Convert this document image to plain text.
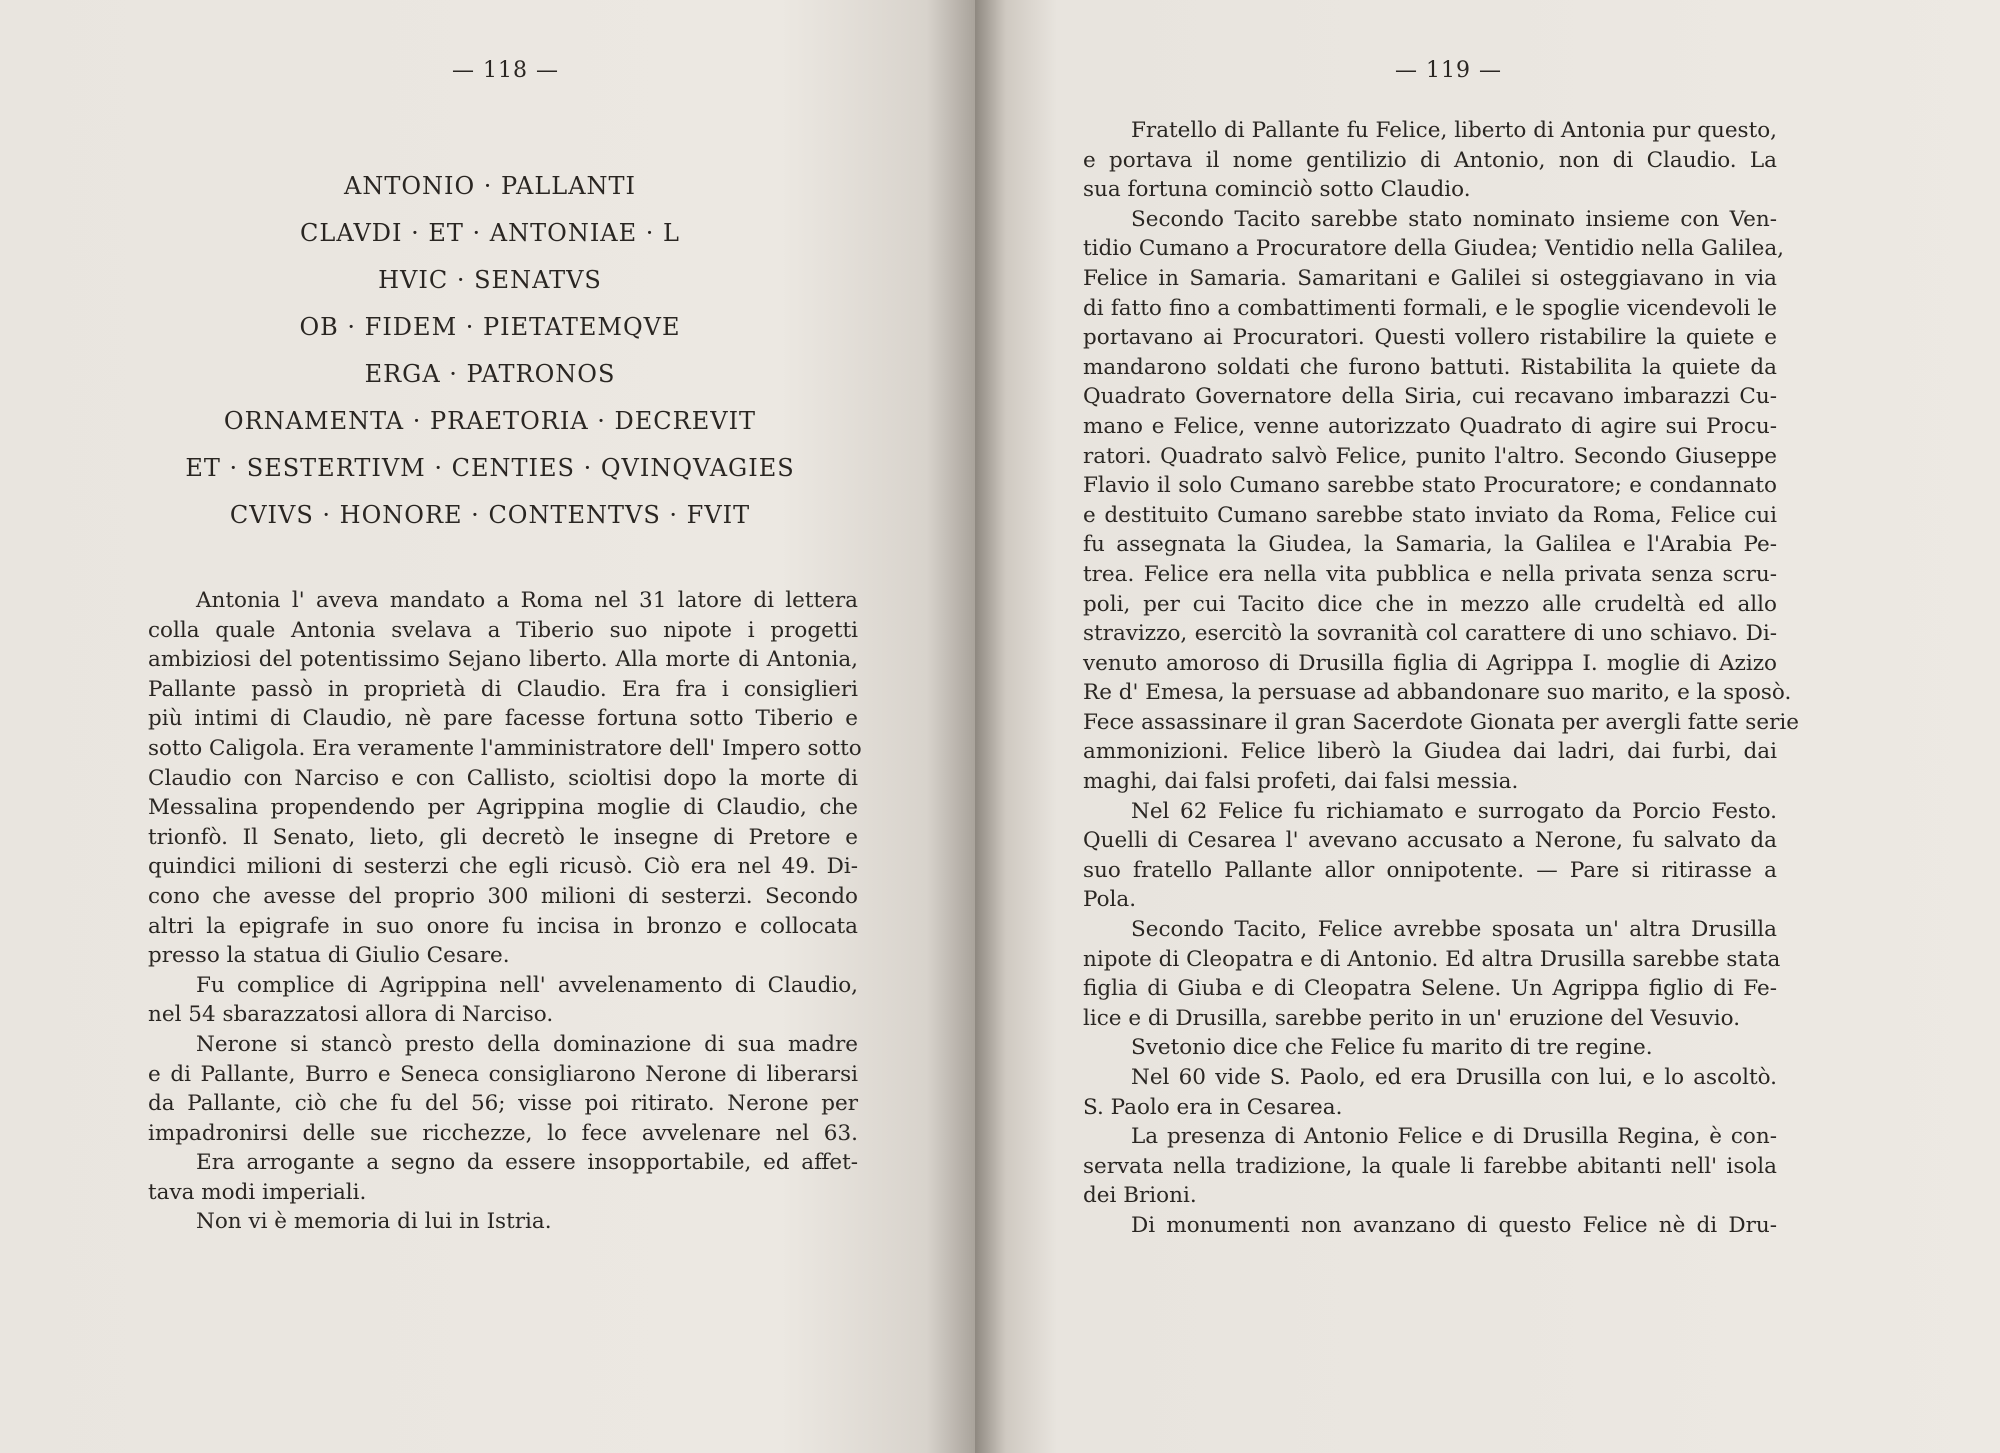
— 118 —
ANTONIO · PALLANTI
CLAVDI · ET · ANTONIAE · L
HVIC · SENATVS
OB · FIDEM · PIETATEMQVE
ERGA · PATRONOS
ORNAMENTA · PRAETORIA · DECREVIT
ET · SESTERTIVM · CENTIES · QVINQVAGIES
CVIVS · HONORE · CONTENTVS · FVIT
Antonia l' aveva mandato a Roma nel 31 latore di lettera
colla quale Antonia svelava a Tiberio suo nipote i progetti
ambiziosi del potentissimo Sejano liberto. Alla morte di Antonia,
Pallante passò in proprietà di Claudio. Era fra i consiglieri
più intimi di Claudio, nè pare facesse fortuna sotto Tiberio e
sotto Caligola. Era veramente l'amministratore dell' Impero sotto
Claudio con Narciso e con Callisto, scioltisi dopo la morte di
Messalina propendendo per Agrippina moglie di Claudio, che
trionfò. Il Senato, lieto, gli decretò le insegne di Pretore e
quindici milioni di sesterzi che egli ricusò. Ciò era nel 49. Di-
cono che avesse del proprio 300 milioni di sesterzi. Secondo
altri la epigrafe in suo onore fu incisa in bronzo e collocata
presso la statua di Giulio Cesare.
Fu complice di Agrippina nell' avvelenamento di Claudio,
nel 54 sbarazzatosi allora di Narciso.
Nerone si stancò presto della dominazione di sua madre
e di Pallante, Burro e Seneca consigliarono Nerone di liberarsi
da Pallante, ciò che fu del 56; visse poi ritirato. Nerone per
impadronirsi delle sue ricchezze, lo fece avvelenare nel 63.
Era arrogante a segno da essere insopportabile, ed affet-
tava modi imperiali.
Non vi è memoria di lui in Istria.
— 119 —
Fratello di Pallante fu Felice, liberto di Antonia pur questo,
e portava il nome gentilizio di Antonio, non di Claudio. La
sua fortuna cominciò sotto Claudio.
Secondo Tacito sarebbe stato nominato insieme con Ven-
tidio Cumano a Procuratore della Giudea; Ventidio nella Galilea,
Felice in Samaria. Samaritani e Galilei si osteggiavano in via
di fatto fino a combattimenti formali, e le spoglie vicendevoli le
portavano ai Procuratori. Questi vollero ristabilire la quiete e
mandarono soldati che furono battuti. Ristabilita la quiete da
Quadrato Governatore della Siria, cui recavano imbarazzi Cu-
mano e Felice, venne autorizzato Quadrato di agire sui Procu-
ratori. Quadrato salvò Felice, punito l'altro. Secondo Giuseppe
Flavio il solo Cumano sarebbe stato Procuratore; e condannato
e destituito Cumano sarebbe stato inviato da Roma, Felice cui
fu assegnata la Giudea, la Samaria, la Galilea e l'Arabia Pe-
trea. Felice era nella vita pubblica e nella privata senza scru-
poli, per cui Tacito dice che in mezzo alle crudeltà ed allo
stravizzo, esercitò la sovranità col carattere di uno schiavo. Di-
venuto amoroso di Drusilla figlia di Agrippa I. moglie di Azizo
Re d' Emesa, la persuase ad abbandonare suo marito, e la sposò.
Fece assassinare il gran Sacerdote Gionata per avergli fatte serie
ammonizioni. Felice liberò la Giudea dai ladri, dai furbi, dai
maghi, dai falsi profeti, dai falsi messia.
Nel 62 Felice fu richiamato e surrogato da Porcio Festo.
Quelli di Cesarea l' avevano accusato a Nerone, fu salvato da
suo fratello Pallante allor onnipotente. — Pare si ritirasse a
Pola.
Secondo Tacito, Felice avrebbe sposata un' altra Drusilla
nipote di Cleopatra e di Antonio. Ed altra Drusilla sarebbe stata
figlia di Giuba e di Cleopatra Selene. Un Agrippa figlio di Fe-
lice e di Drusilla, sarebbe perito in un' eruzione del Vesuvio.
Svetonio dice che Felice fu marito di tre regine.
Nel 60 vide S. Paolo, ed era Drusilla con lui, e lo ascoltò.
S. Paolo era in Cesarea.
La presenza di Antonio Felice e di Drusilla Regina, è con-
servata nella tradizione, la quale li farebbe abitanti nell' isola
dei Brioni.
Di monumenti non avanzano di questo Felice nè di Dru-
